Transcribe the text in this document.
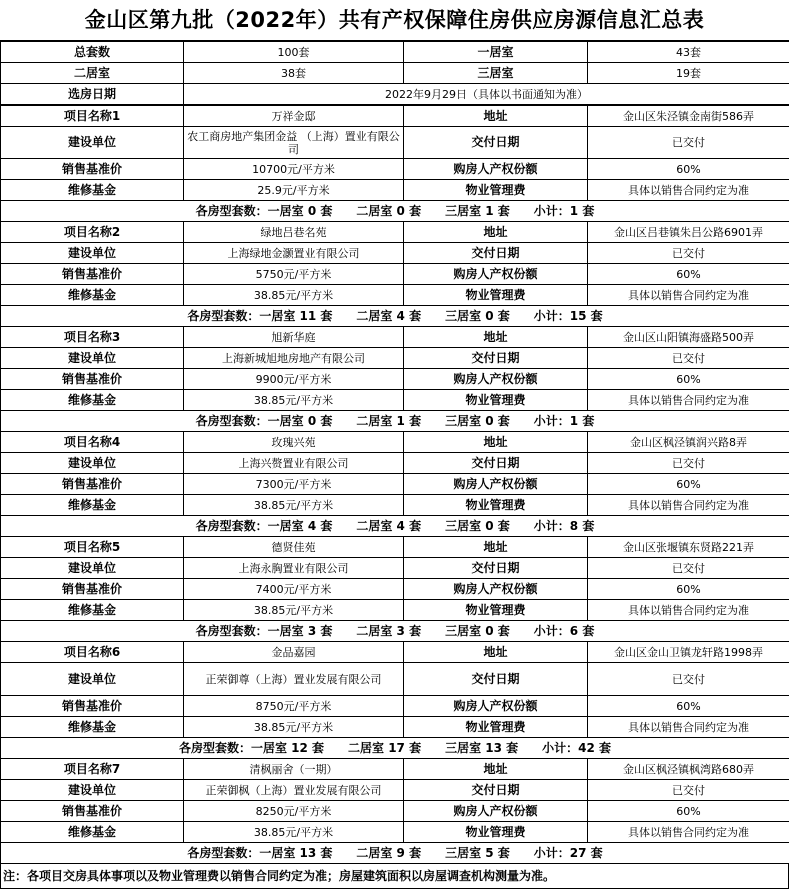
金山区第九批（2022年）共有产权保障住房供应房源信息汇总表
总套数	100套	一居室	43套
二居室	38套	三居室	19套
选房日期	2022年9月29日（具体以书面通知为准）		
项目名称1	万祥金邸	地址	金山区朱泾镇金南街586弄
建设单位	农工商房地产集团金益 （上海）置业有限公司	交付日期	已交付
销售基准价	10700元/平方米	购房人产权份额	60%
维修基金	25.9元/平方米	物业管理费	具体以销售合同约定为准
各房型套数：一居室 0 套　　二居室 0 套　　三居室 1 套　　小计：1 套			
项目名称2	绿地吕巷名苑	地址	金山区吕巷镇朱吕公路6901弄
建设单位	上海绿地金灏置业有限公司	交付日期	已交付
销售基准价	5750元/平方米	购房人产权份额	60%
维修基金	38.85元/平方米	物业管理费	具体以销售合同约定为准
各房型套数：一居室 11 套　　二居室 4 套　　三居室 0 套　　小计：15 套			
项目名称3	旭新华庭	地址	金山区山阳镇海盛路500弄
建设单位	上海新城旭地房地产有限公司	交付日期	已交付
销售基准价	9900元/平方米	购房人产权份额	60%
维修基金	38.85元/平方米	物业管理费	具体以销售合同约定为准
各房型套数：一居室 0 套　　二居室 1 套　　三居室 0 套　　小计：1 套			
项目名称4	玫瑰兴苑	地址	金山区枫泾镇润兴路8弄
建设单位	上海兴赘置业有限公司	交付日期	已交付
销售基准价	7300元/平方米	购房人产权份额	60%
维修基金	38.85元/平方米	物业管理费	具体以销售合同约定为准
各房型套数：一居室 4 套　　二居室 4 套　　三居室 0 套　　小计：8 套			
项目名称5	德贤佳苑	地址	金山区张堰镇东贤路221弄
建设单位	上海永胸置业有限公司	交付日期	已交付
销售基准价	7400元/平方米	购房人产权份额	60%
维修基金	38.85元/平方米	物业管理费	具体以销售合同约定为准
各房型套数：一居室 3 套　　二居室 3 套　　三居室 0 套　　小计：6 套			
项目名称6	金品嘉园	地址	金山区金山卫镇龙轩路1998弄
建设单位	正荣御尊（上海）置业发展有限公司	交付日期	已交付
销售基准价	8750元/平方米	购房人产权份额	60%
维修基金	38.85元/平方米	物业管理费	具体以销售合同约定为准
各房型套数：一居室 12 套　　二居室 17 套　　三居室 13 套　　小计：42 套			
项目名称7	清枫丽舍（一期）	地址	金山区枫泾镇枫湾路680弄
建设单位	正荣御枫（上海）置业发展有限公司	交付日期	已交付
销售基准价	8250元/平方米	购房人产权份额	60%
维修基金	38.85元/平方米	物业管理费	具体以销售合同约定为准
各房型套数：一居室 13 套　　二居室 9 套　　三居室 5 套　　小计：27 套			
注：各项目交房具体事项以及物业管理费以销售合同约定为准；房屋建筑面积以房屋调查机构测量为准。
